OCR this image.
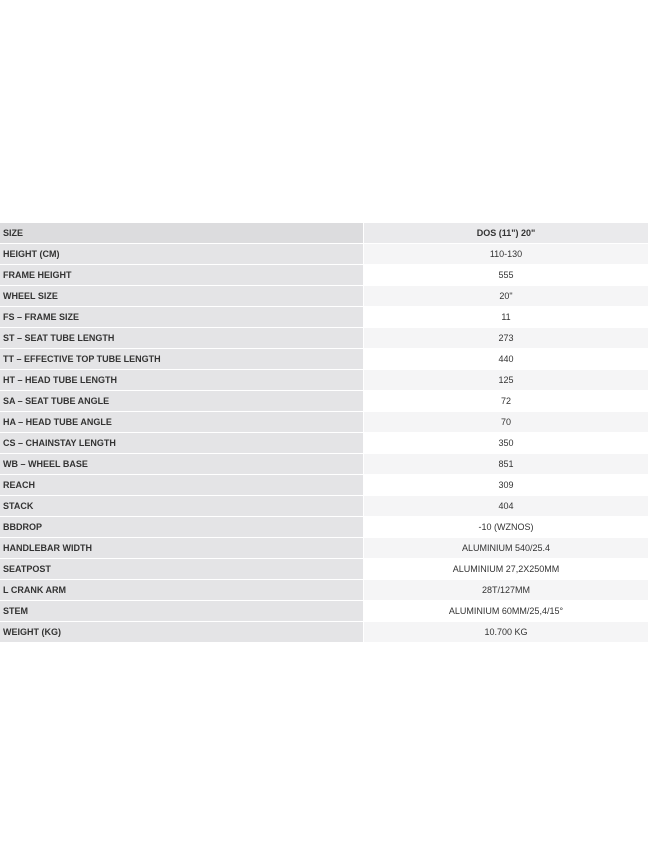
SIZE	DOS (11") 20"
HEIGHT (CM)	110-130
FRAME HEIGHT	555
WHEEL SIZE	20"
FS – FRAME SIZE	11
ST – SEAT TUBE LENGTH	273
TT – EFFECTIVE TOP TUBE LENGTH	440
HT – HEAD TUBE LENGTH	125
SA – SEAT TUBE ANGLE	72
HA – HEAD TUBE ANGLE	70
CS – CHAINSTAY LENGTH	350
WB – WHEEL BASE	851
REACH	309
STACK	404
BBDROP	-10 (WZNOS)
HANDLEBAR WIDTH	ALUMINIUM 540/25.4
SEATPOST	ALUMINIUM 27,2X250MM
L CRANK ARM	28T/127MM
STEM	ALUMINIUM 60MM/25,4/15°
WEIGHT (KG)	10.700 KG
